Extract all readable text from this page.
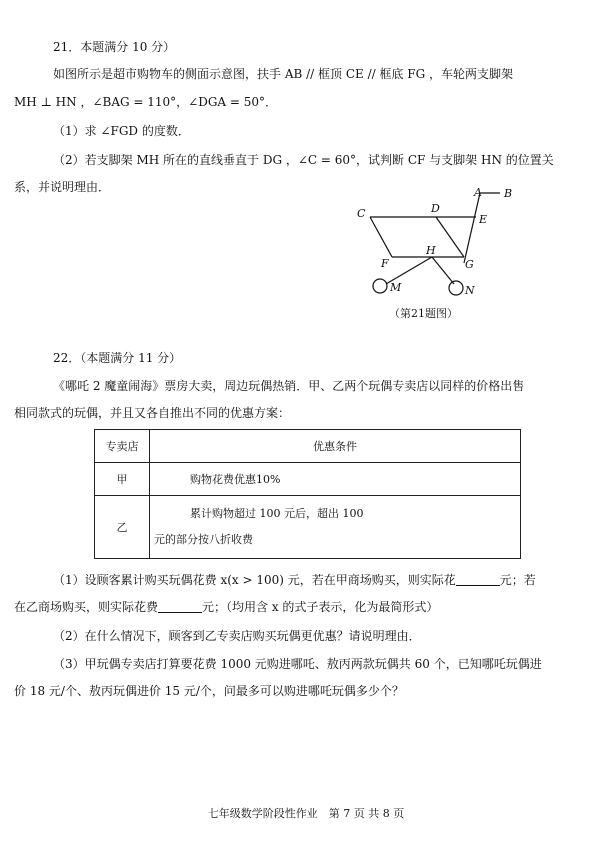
21．本题满分 10 分）
如图所示是超市购物车的侧面示意图，扶手 AB // 框顶 CE // 框底 FG ，车轮两支脚架
MH ⊥ HN ，∠BAG = 110°，∠DGA = 50°．
（1）求 ∠FGD 的度数．
（2）若支脚架 MH 所在的直线垂直于 DG ，∠C = 60°，试判断 CF 与支脚架 HN 的位置关
系，并说明理由．	A B
C	D
E
F	G
H
M	N
（第21题图）
22．（本题满分 11 分）
《哪吒 2 魔童闹海》票房大卖，周边玩偶热销．甲、乙两个玩偶专卖店以同样的价格出售
相同款式的玩偶，并且又各自推出不同的优惠方案：
专卖店	优惠条件
甲	购物花费优惠10%
乙	累计购物超过 100 元后，超出 100
元的部分按八折收费
（1）设顾客累计购买玩偶花费 x(x > 100) 元，若在甲商场购买，则实际花	元；若
在乙商场购买，则实际花费	元；（均用含 x 的式子表示，化为最简形式）
（2）在什么情况下，顾客到乙专卖店购买玩偶更优惠？请说明理由．
（3）甲玩偶专卖店打算要花费 1000 元购进哪吒、敖丙两款玩偶共 60 个，已知哪吒玩偶进
价 18 元/个、敖丙玩偶进价 15 元/个，问最多可以购进哪吒玩偶多少个？
七年级数学阶段性作业　第 7 页 共 8 页
